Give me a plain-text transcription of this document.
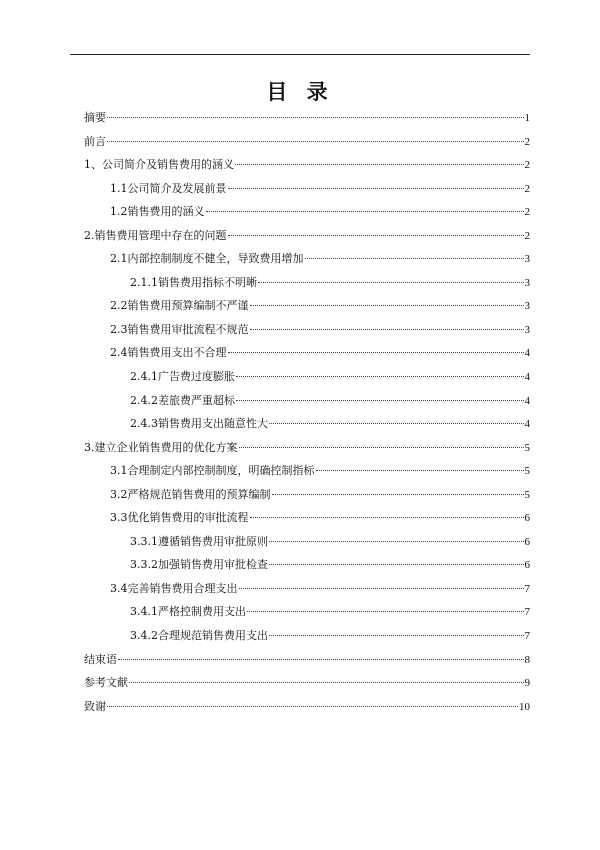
目 录
摘要	1
前言	2
1、公司简介及销售费用的涵义	2
1.1公司简介及发展前景	2
1.2销售费用的涵义	2
2.销售费用管理中存在的问题	2
2.1内部控制制度不健全，导致费用增加	3
2.1.1销售费用指标不明晰	3
2.2销售费用预算编制不严谨	3
2.3销售费用审批流程不规范	3
2.4销售费用支出不合理	4
2.4.1广告费过度膨胀	4
2.4.2差旅费严重超标	4
2.4.3销售费用支出随意性大	4
3.建立企业销售费用的优化方案	5
3.1合理制定内部控制制度，明确控制指标	5
3.2严格规范销售费用的预算编制	5
3.3优化销售费用的审批流程	6
3.3.1遵循销售费用审批原则	6
3.3.2加强销售费用审批检查	6
3.4完善销售费用合理支出	7
3.4.1严格控制费用支出	7
3.4.2合理规范销售费用支出	7
结束语	8
参考文献	9
致谢	10
